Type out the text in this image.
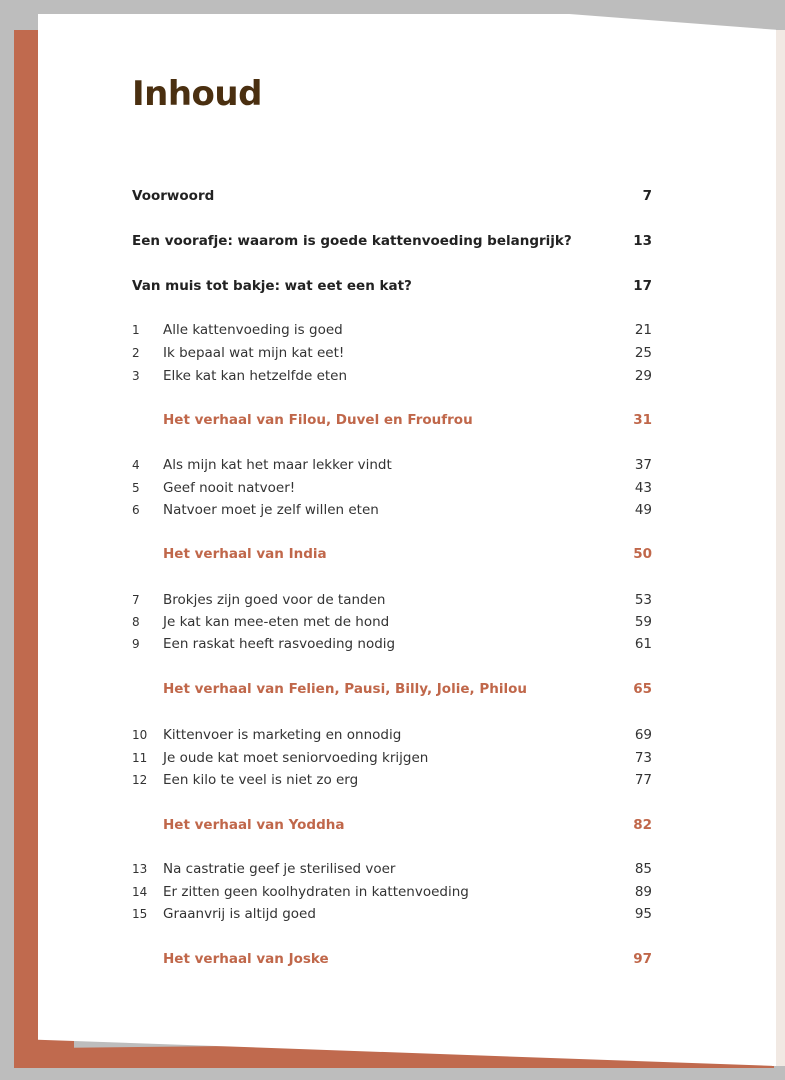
Inhoud
Voorwoord	7
Een voorafje: waarom is goede kattenvoeding belangrijk?	13
Van muis tot bakje: wat eet een kat?	17
1	Alle kattenvoeding is goed	21
2	Ik bepaal wat mijn kat eet!	25
3	Elke kat kan hetzelfde eten	29
Het verhaal van Filou, Duvel en Froufrou	31
4	Als mijn kat het maar lekker vindt	37
5	Geef nooit natvoer!	43
6	Natvoer moet je zelf willen eten	49
Het verhaal van India	50
7	Brokjes zijn goed voor de tanden	53
8	Je kat kan mee-eten met de hond	59
9	Een raskat heeft rasvoeding nodig	61
Het verhaal van Felien, Pausi, Billy, Jolie, Philou	65
10	Kittenvoer is marketing en onnodig	69
11	Je oude kat moet seniorvoeding krijgen	73
12	Een kilo te veel is niet zo erg	77
Het verhaal van Yoddha	82
13	Na castratie geef je sterilised voer	85
14	Er zitten geen koolhydraten in kattenvoeding	89
15	Graanvrij is altijd goed	95
Het verhaal van Joske	97
